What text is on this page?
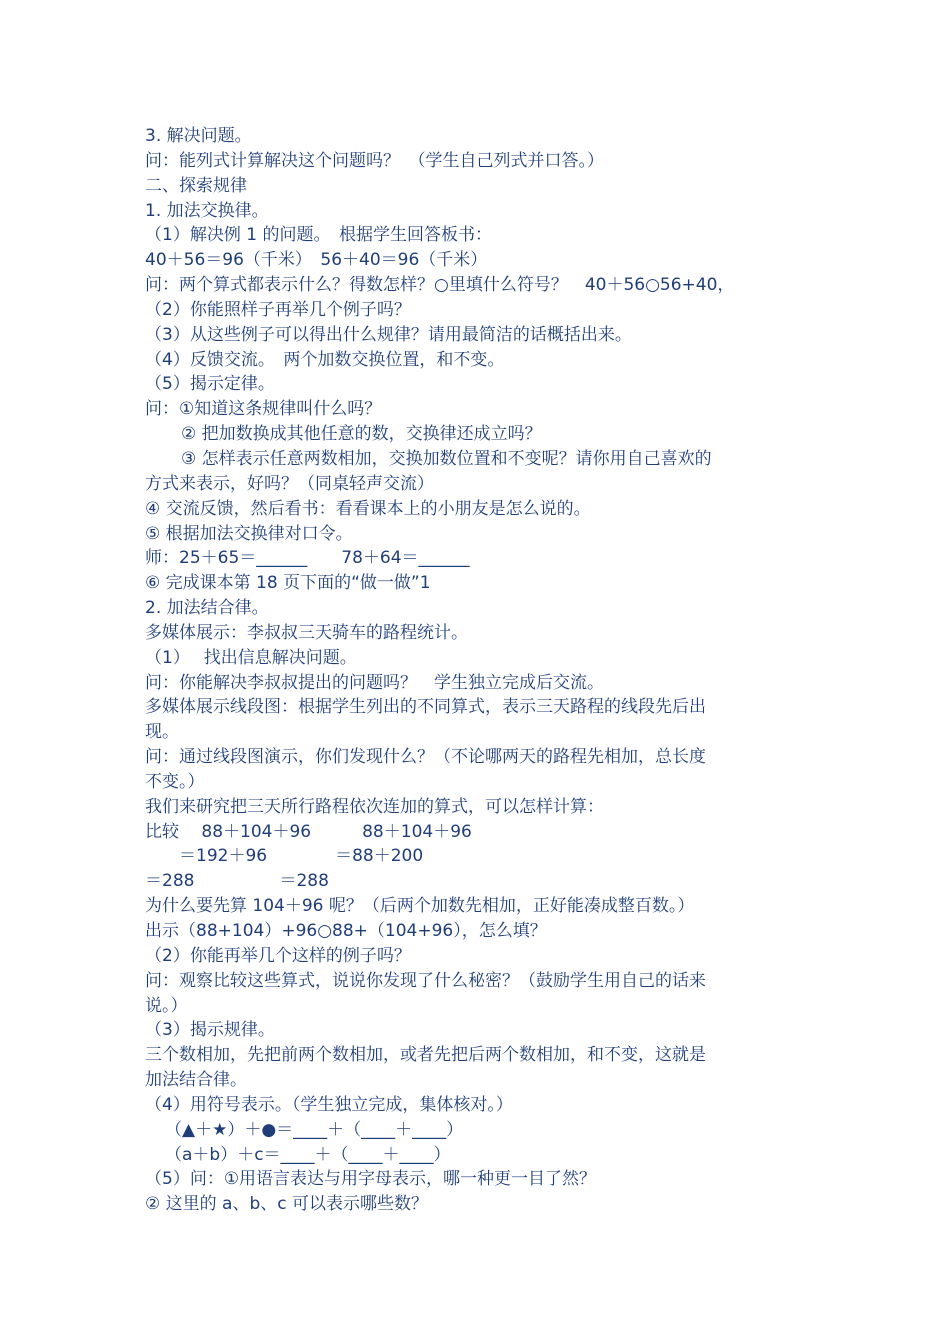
3. 解决问题。
问：能列式计算解决这个问题吗？　（学生自己列式并口答。）
二、探索规律
1. 加法交换律。
（1）解决例 1 的问题。　根据学生回答板书：
40＋56＝96（千米）　56＋40＝96（千米）
问：两个算式都表示什么？得数怎样？○里填什么符号？　40＋56○56+40，
（2）你能照样子再举几个例子吗？
（3）从这些例子可以得出什么规律？请用最简洁的话概括出来。
（4）反馈交流。　两个加数交换位置，和不变。
（5）揭示定律。
问：①知道这条规律叫什么吗？
② 把加数换成其他任意的数，交换律还成立吗？
③ 怎样表示任意两数相加，交换加数位置和不变呢？请你用自己喜欢的
方式来表示，好吗？（同桌轻声交流）
④ 交流反馈，然后看书：看看课本上的小朋友是怎么说的。
⑤ 根据加法交换律对口令。
师：25＋65＝______　　78＋64＝______
⑥ 完成课本第 18 页下面的“做一做”1
2. 加法结合律。
多媒体展示：李叔叔三天骑车的路程统计。
（1）　 找出信息解决问题。
问：你能解决李叔叔提出的问题吗？　学生独立完成后交流。
多媒体展示线段图：根据学生列出的不同算式，表示三天路程的线段先后出
现。
问：通过线段图演示，你们发现什么？（不论哪两天的路程先相加，总长度
不变。）
我们来研究把三天所行路程依次连加的算式，可以怎样计算：
比较　 88＋104＋96　　　88＋104＋96
　　＝192＋96　　　　＝88＋200
＝288　　　　　＝288
为什么要先算 104＋96 呢？（后两个加数先相加，正好能凑成整百数。）
出示（88+104）+96○88+（104+96），怎么填？
（2）你能再举几个这样的例子吗？
问：观察比较这些算式，说说你发现了什么秘密？（鼓励学生用自己的话来
说。）
（3）揭示规律。
三个数相加，先把前两个数相加，或者先把后两个数相加，和不变，这就是
加法结合律。
（4）用符号表示。（学生独立完成，集体核对。）
（▲＋★）＋●＝____＋（____＋____）
（a＋b）＋c＝____＋（____＋____）
（5）问：①用语言表达与用字母表示，哪一种更一目了然？
② 这里的 a、b、c 可以表示哪些数？
